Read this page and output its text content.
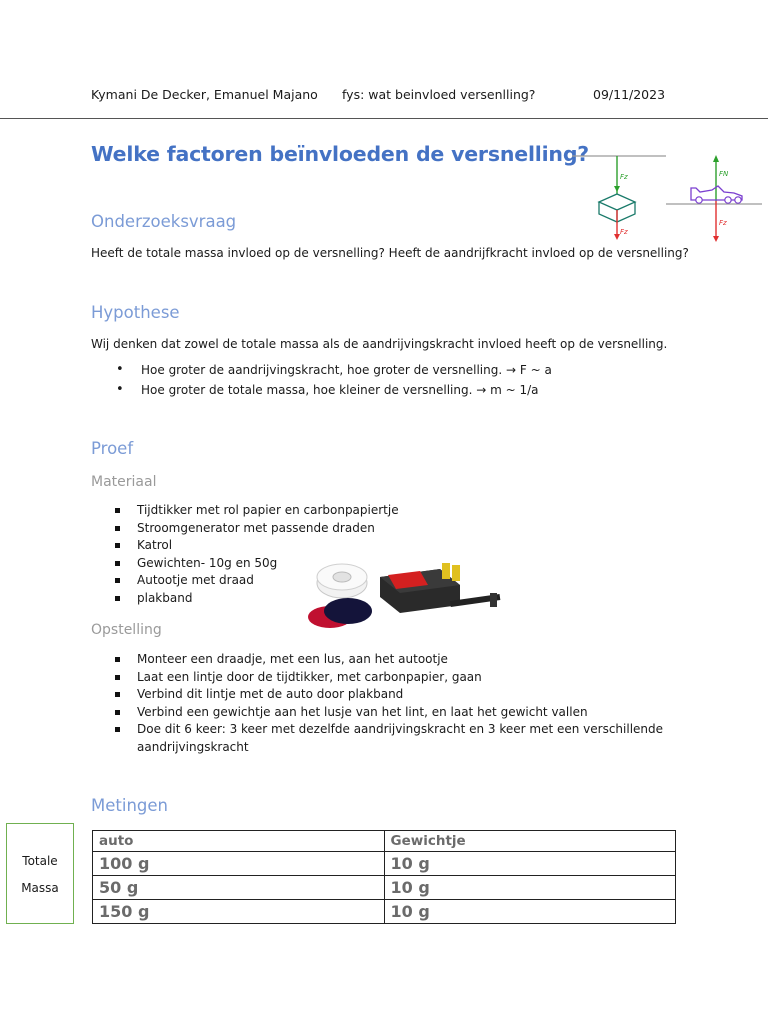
Kymani De Decker, Emanuel Majano fys: wat beinvloed versenlling?	09/11/2023
Welke factoren beïnvloeden de versnelling?
Fz
Fz
FN
Fz
Onderzoeksvraag

Heeft de totale massa invloed op de versnelling? Heeft de aandrijfkracht invloed op de versnelling?

Hypothese

Wij denken dat zowel de totale massa als de aandrijvingskracht invloed heeft op de versnelling.

• Hoe groter de aandrijvingskracht, hoe groter de versnelling. → F ~ a
• Hoe groter de totale massa, hoe kleiner de versnelling. → m ~ 1/a
Proef
Materiaal
Tijdtikker met rol papier en carbonpapiertje
Stroomgenerator met passende draden
Katrol
Gewichten- 10g en 50g
Autootje met draad
plakband
Opstelling
Monteer een draadje, met een lus, aan het autootje
Laat een lintje door de tijdtikker, met carbonpapier, gaan
Verbind dit lintje met de auto door plakband
Verbind een gewichtje aan het lusje van het lint, en laat het gewicht vallen
Doe dit 6 keer: 3 keer met dezelfde aandrijvingskracht en 3 keer met een verschillende aandrijvingskracht
Metingen
Totale
Massa
auto	Gewichtje
100 g	10 g
50 g	10 g
150 g	10 g
